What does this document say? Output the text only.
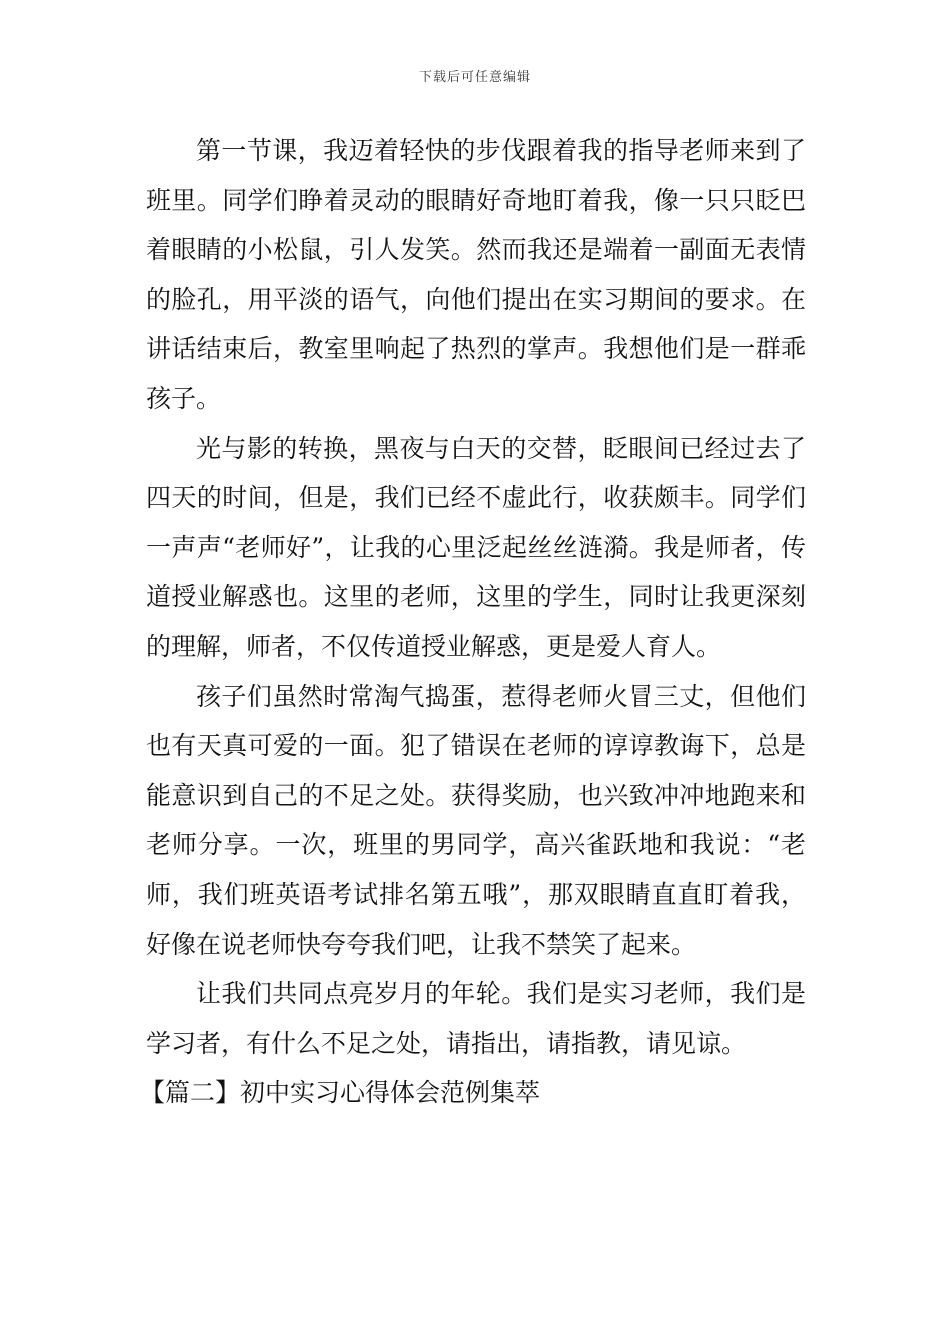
下载后可任意编辑

第一节课，我迈着轻快的步伐跟着我的指导老师来到了班里。同学们睁着灵动的眼睛好奇地盯着我，像一只只眨巴着眼睛的小松鼠，引人发笑。然而我还是端着一副面无表情的脸孔，用平淡的语气，向他们提出在实习期间的要求。在讲话结束后，教室里响起了热烈的掌声。我想他们是一群乖孩子。

光与影的转换，黑夜与白天的交替，眨眼间已经过去了四天的时间，但是，我们已经不虚此行，收获颇丰。同学们一声声“老师好”，让我的心里泛起丝丝涟漪。我是师者，传道授业解惑也。这里的老师，这里的学生，同时让我更深刻的理解，师者，不仅传道授业解惑，更是爱人育人。

孩子们虽然时常淘气捣蛋，惹得老师火冒三丈，但他们也有天真可爱的一面。犯了错误在老师的谆谆教诲下，总是能意识到自己的不足之处。获得奖励，也兴致冲冲地跑来和老师分享。一次，班里的男同学，高兴雀跃地和我说：“老师，我们班英语考试排名第五哦”，那双眼睛直直盯着我，好像在说老师快夸夸我们吧，让我不禁笑了起来。

让我们共同点亮岁月的年轮。我们是实习老师，我们是学习者，有什么不足之处，请指出，请指教，请见谅。

【篇二】初中实习心得体会范例集萃
